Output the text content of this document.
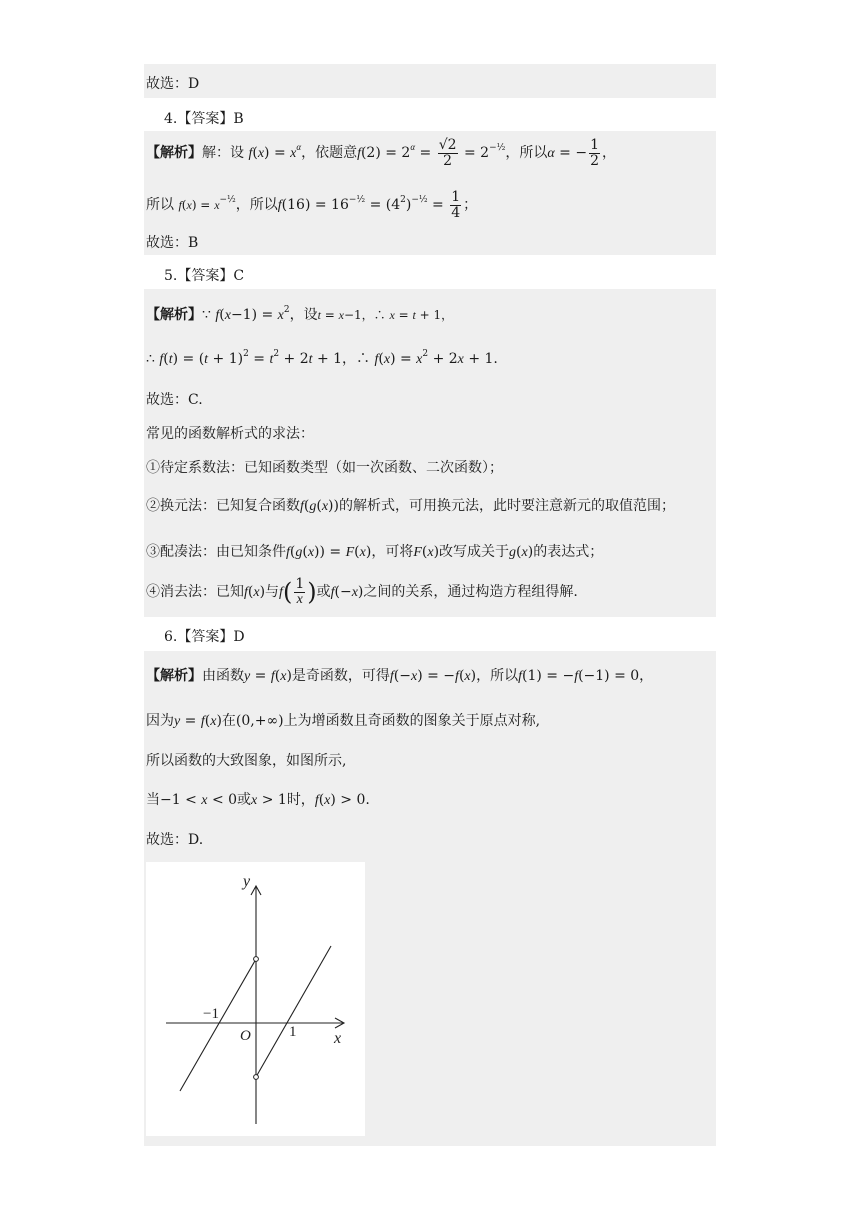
故选：D
4.【答案】B
【解析】解：设 $f(x) = x^\alpha$，依题意$f(2) = 2^\alpha = \frac{√2}{2} = 2^{-\frac{1}{2}}$，所以α = − $\frac{1}{2}$ ，
所以 $f(x) = x^{-\frac{1}{2}}$，所以$f(16) = 16^{-\frac{1}{2}} = (4^2)^{-\frac{1}{2}} = \frac{1}{4}$ ；
故选：B
5.【答案】C
【解析】∵ $f(x-1) = x^2$，设t = x−1，∴ x = t + 1，
∴ $f(t) = (t + 1)^2 = t^2 + 2t + 1$，∴ $f(x) = x^2 + 2x + 1$.
故选：C.
常见的函数解析式的求法：
①待定系数法：已知函数类型（如一次函数、二次函数）；
②换元法：已知复合函数f(g(x))的解析式，可用换元法，此时要注意新元的取值范围；
③配凑法：由已知条件f(g(x)) = F(x)，可将F(x)改写成关于g(x)的表达式；
④消去法：已知f(x)与$f( \frac{1}{x}$ )或f(−x)之间的关系，通过构造方程组得解.
6.【答案】D
【解析】由函数y = f(x)是奇函数，可得f(−x) = −f(x)，所以f(1) = −f(−1) = 0，
因为y = f(x)在(0,+∞)上为增函数且奇函数的图象关于原点对称,
所以函数的大致图象，如图所示,
当−1 < x < 0或x > 1时，f(x) > 0.
故选：D.
y
x
O
−1
1
